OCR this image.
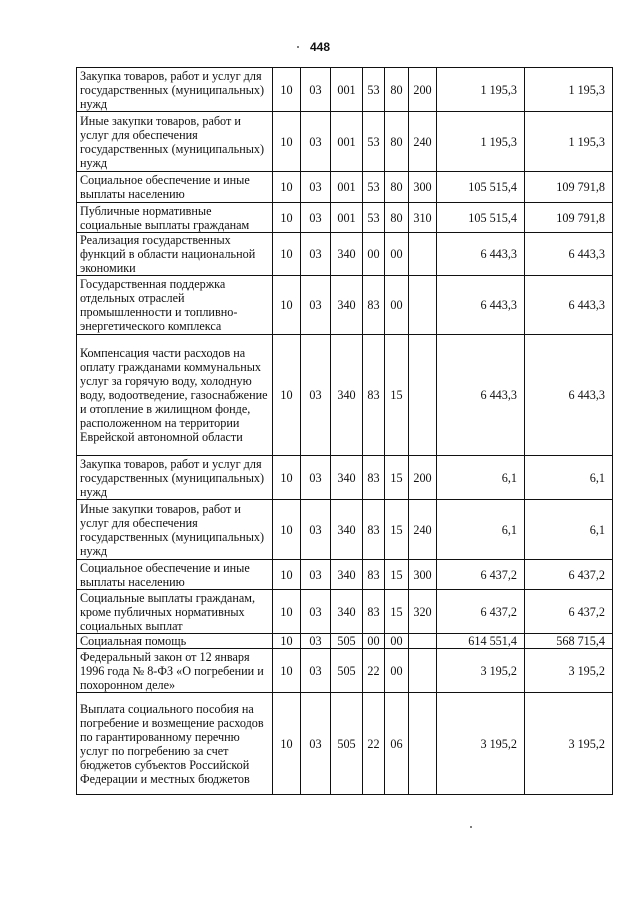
448
Закупка товаров, работ и услуг для государственных (муниципальных) нужд	10	03	001	53	80	200	1 195,3	1 195,3
Иные закупки товаров, работ и услуг для обеспечения государственных (муниципальных) нужд	10	03	001	53	80	240	1 195,3	1 195,3
Социальное обеспечение и иные выплаты населению	10	03	001	53	80	300	105 515,4	109 791,8
Публичные нормативные социальные выплаты гражданам	10	03	001	53	80	310	105 515,4	109 791,8
Реализация государственных функций в области национальной экономики	10	03	340	00	00		6 443,3	6 443,3
Государственная поддержка отдельных отраслей промышленности и топливно-энергетического комплекса	10	03	340	83	00		6 443,3	6 443,3
Компенсация части расходов на оплату гражданами коммунальных услуг за горячую воду, холодную воду, водоотведение, газоснабжение и отопление в жилищном фонде, расположенном на территории Еврейской автономной области	10	03	340	83	15		6 443,3	6 443,3
Закупка товаров, работ и услуг для государственных (муниципальных) нужд	10	03	340	83	15	200	6,1	6,1
Иные закупки товаров, работ и услуг для обеспечения государственных (муниципальных) нужд	10	03	340	83	15	240	6,1	6,1
Социальное обеспечение и иные выплаты населению	10	03	340	83	15	300	6 437,2	6 437,2
Социальные выплаты гражданам, кроме публичных нормативных социальных выплат	10	03	340	83	15	320	6 437,2	6 437,2
Социальная помощь	10	03	505	00	00		614 551,4	568 715,4
Федеральный закон от 12 января 1996 года № 8-ФЗ «О погребении и похоронном деле»	10	03	505	22	00		3 195,2	3 195,2
Выплата социального пособия на погребение и возмещение расходов по гарантированному перечню услуг по погребению за счет бюджетов субъектов Российской Федерации и местных бюджетов	10	03	505	22	06		3 195,2	3 195,2
